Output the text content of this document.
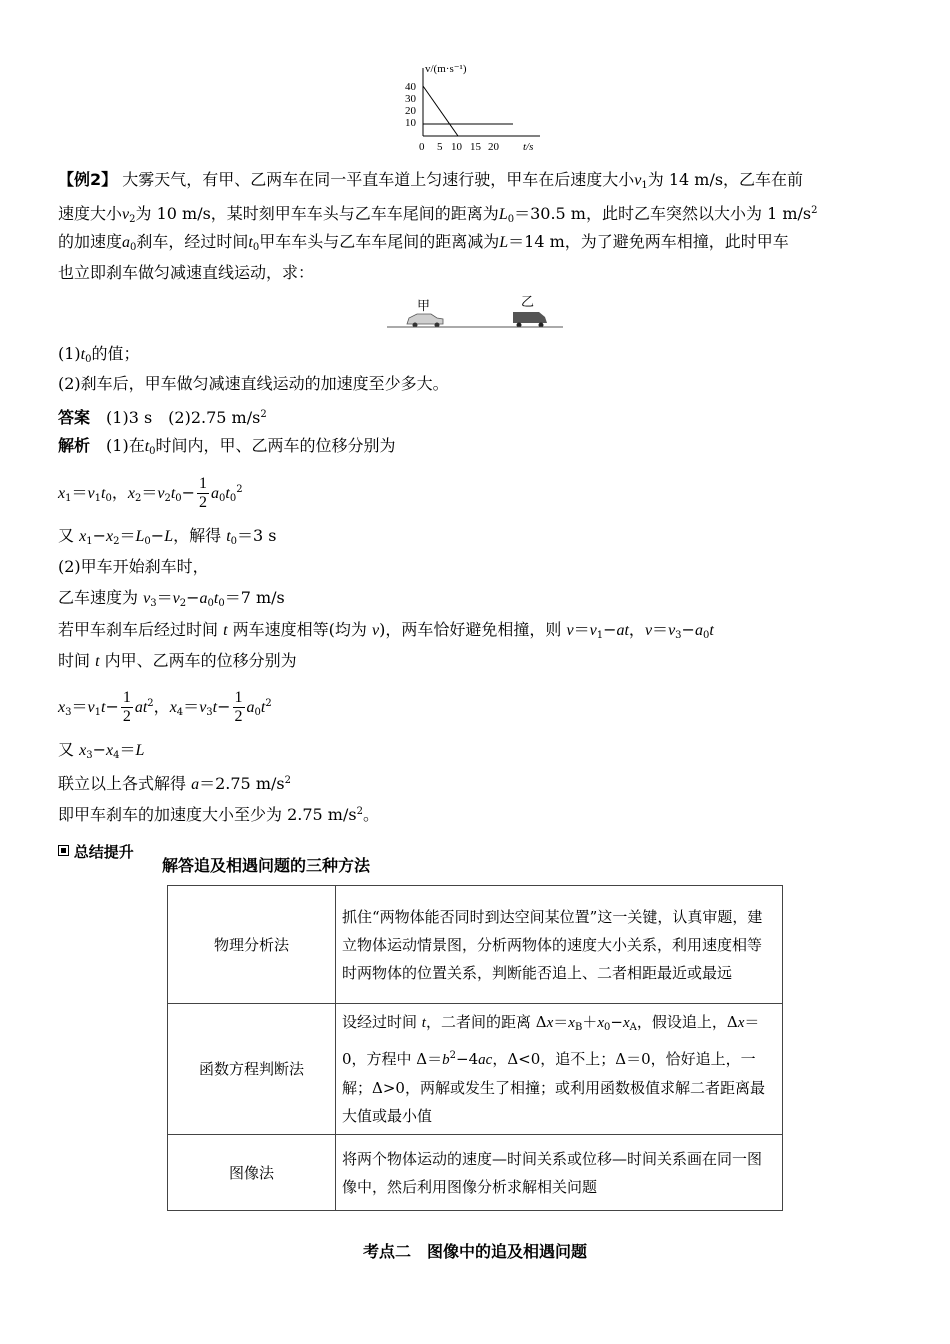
v/(m·s⁻¹)
40
30
20
10
0 5 10 15 20 t/s
【例2】 大雾天气，有甲、乙两车在同一平直车道上匀速行驶，甲车在后速度大小$v_1$为 14 m/s，乙车在前
速度大小$v_2$为 10 m/s，某时刻甲车车头与乙车车尾间的距离为$L_0=30.5$ m，此时乙车突然以大小为 1 $m/s^2$
的加速度$a_0$刹车，经过时间$t_0$甲车车头与乙车车尾间的距离减为L＝14 m，为了避免两车相撞，此时甲车
也立即刹车做匀减速直线运动，求：
甲	乙
$(1)t_0$的值；
(2)刹车后，甲车做匀减速直线运动的加速度至少多大。
答案　 (1)3 s　(2)2.75 $m/s^2$
解析　 (1)在$t_0$时间内，甲、乙两车的位移分别为
$x_1=v_1t_0$，$x_2=v_2t_0- \frac{1}{2} a_0t_0^2$
又 $x_1-x_2=L_0-L$，解得 $t_0=3$ s
(2)甲车开始刹车时，
乙车速度为 $v_3=v_2-a_0t_0=7$ m/s
若甲车刹车后经过时间 t 两车速度相等(均为 v)，两车恰好避免相撞，则 $v=v_1-at$，$v=v_3-a_0t$
时间 t 内甲、乙两车的位移分别为
$x_3=v_1t- \frac{1}{2} at^2$，$x_4=v_3t- \frac{1}{2} a_0t^2$
又 $x_3-x_4=L$
联立以上各式解得 a＝2.75 $m/s^2$
即甲车刹车的加速度大小至少为 2.75 $m/s^2$。
总结提升
解答追及相遇问题的三种方法
物理分析法	抓住“两物体能否同时到达空间某位置”这一关键，认真审题，建立物体运动情景图，分析两物体的速度大小关系，利用速度相等时两物体的位置关系，判断能否追上、二者相距最近或最远
函数方程判断法	设经过时间 t，二者间的距离 $\Delta x=x_B+x_0-x_A$，假设追上，Δx＝0，方程中 $\Delta=b^2-4ac$，Δ<0，追不上；Δ＝0，恰好追上，一解；Δ>0，两解或发生了相撞；或利用函数极值求解二者距离最大值或最小值
图像法	将两个物体运动的速度—时间关系或位移—时间关系画在同一图像中，然后利用图像分析求解相关问题
考点二　图像中的追及相遇问题
